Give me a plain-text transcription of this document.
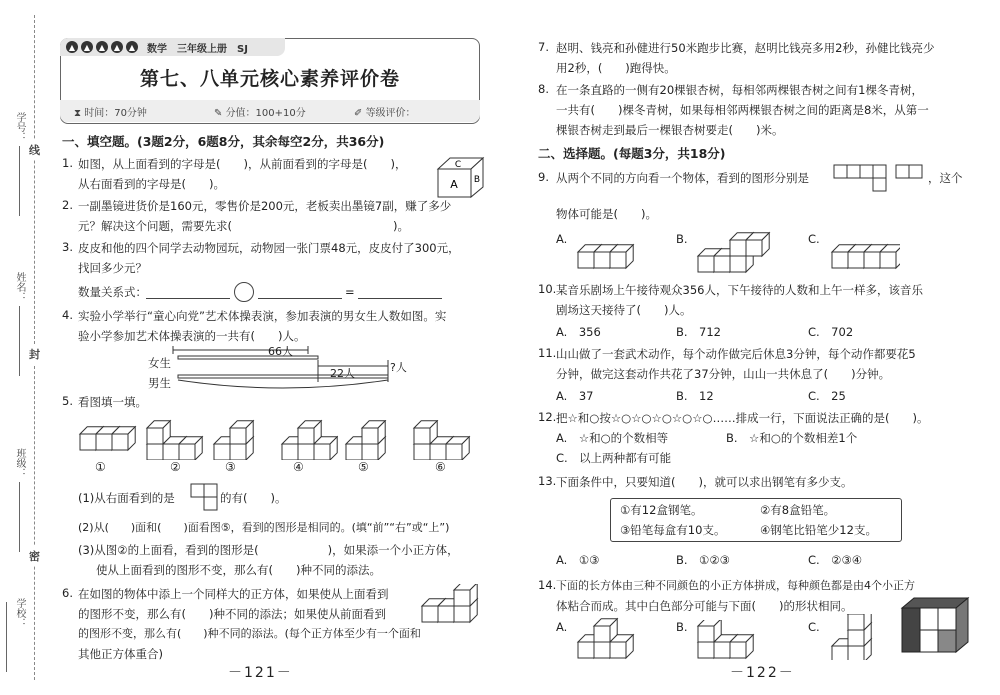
学号：
姓名：
班级：
学校：
线
封
密
▲	▲	▲	▲	▲ 数学　三年级上册　SJ
第七、八单元核心素养评价卷
⧗ 时间：70分钟	✎ 分值：100+10分	✐ 等级评价：
一、填空题。(3题2分，6题8分，其余每空2分，共36分)
1. 如图，从上面看到的字母是(　　)，从前面看到的字母是(　　)，
从右面看到的字母是(　　)。
C
A B
2. 一副墨镜进货价是160元，零售价是200元，老板卖出墨镜7副，赚了多少
元？解决这个问题，需要先求(　　　　　　　　　　　　　　)。
3. 皮皮和他的四个同学去动物园玩，动物园一张门票48元，皮皮付了300元，
找回多少元？
数量关系式：	=
4. 实验小学举行“童心向党”艺术体操表演，参加表演的男女生人数如图。实
验小学参加艺术体操表演的一共有(　　)人。
女生
男生
66人
22人	?人
5. 看图填一填。
①	②	③	④	⑤	⑥
(1)从右面看到的是	的有(　　)。
(2)从(　　)面和(　　)面看图⑤，看到的图形是相同的。(填“前”“右”或“上”)
(3)从图②的上面看，看到的图形是(　　　　　　)，如果添一个小正方体，
使从上面看到的图形不变，那么有(　　)种不同的添法。
6. 在如图的物体中添上一个同样大的正方体，如果使从上面看到
的图形不变，那么有(　　)种不同的添法；如果使从前面看到
的图形不变，那么有(　　)种不同的添法。(每个正方体至少有一个面和
其他正方体重合)
－121－
7. 赵明、钱亮和孙健进行50米跑步比赛，赵明比钱亮多用2秒，孙健比钱亮少
用2秒，(　　)跑得快。
8. 在一条直路的一侧有20棵银杏树，每相邻两棵银杏树之间有1棵冬青树，
一共有(　　)棵冬青树，如果每相邻两棵银杏树之间的距离是8米，从第一
棵银杏树走到最后一棵银杏树要走(　　)米。
二、选择题。(每题3分，共18分)
9. 从两个不同的方向看一个物体，看到的图形分别是	，这个
物体可能是(　　)。
A.	B.	C.
10. 某音乐剧场上午接待观众356人，下午接待的人数和上午一样多，该音乐
剧场这天接待了(　　)人。
A.　356	B.　712	C.　702
11. 山山做了一套武术动作，每个动作做完后休息3分钟，每个动作都要花5
分钟，做完这套动作共花了37分钟，山山一共休息了(　　)分钟。
A.　37	B.　12	C.　25
12. 把☆和○按☆○☆○☆○☆○☆○……排成一行，下面说法正确的是(　　)。
A.　☆和○的个数相等	B.　☆和○的个数相差1个
C.　以上两种都有可能
13. 下面条件中，只要知道(　　)，就可以求出钢笔有多少支。
①有12盒钢笔。	②有8盒铅笔。
③铅笔每盒有10支。	④钢笔比铅笔少12支。
A.　①③	B.　①②③	C.　②③④
14. 下面的长方体由三种不同颜色的小正方体拼成，每种颜色都是由4个小正方
体粘合而成。其中白色部分可能与下面(　　)的形状相同。
A.	B.	C.
－122－
